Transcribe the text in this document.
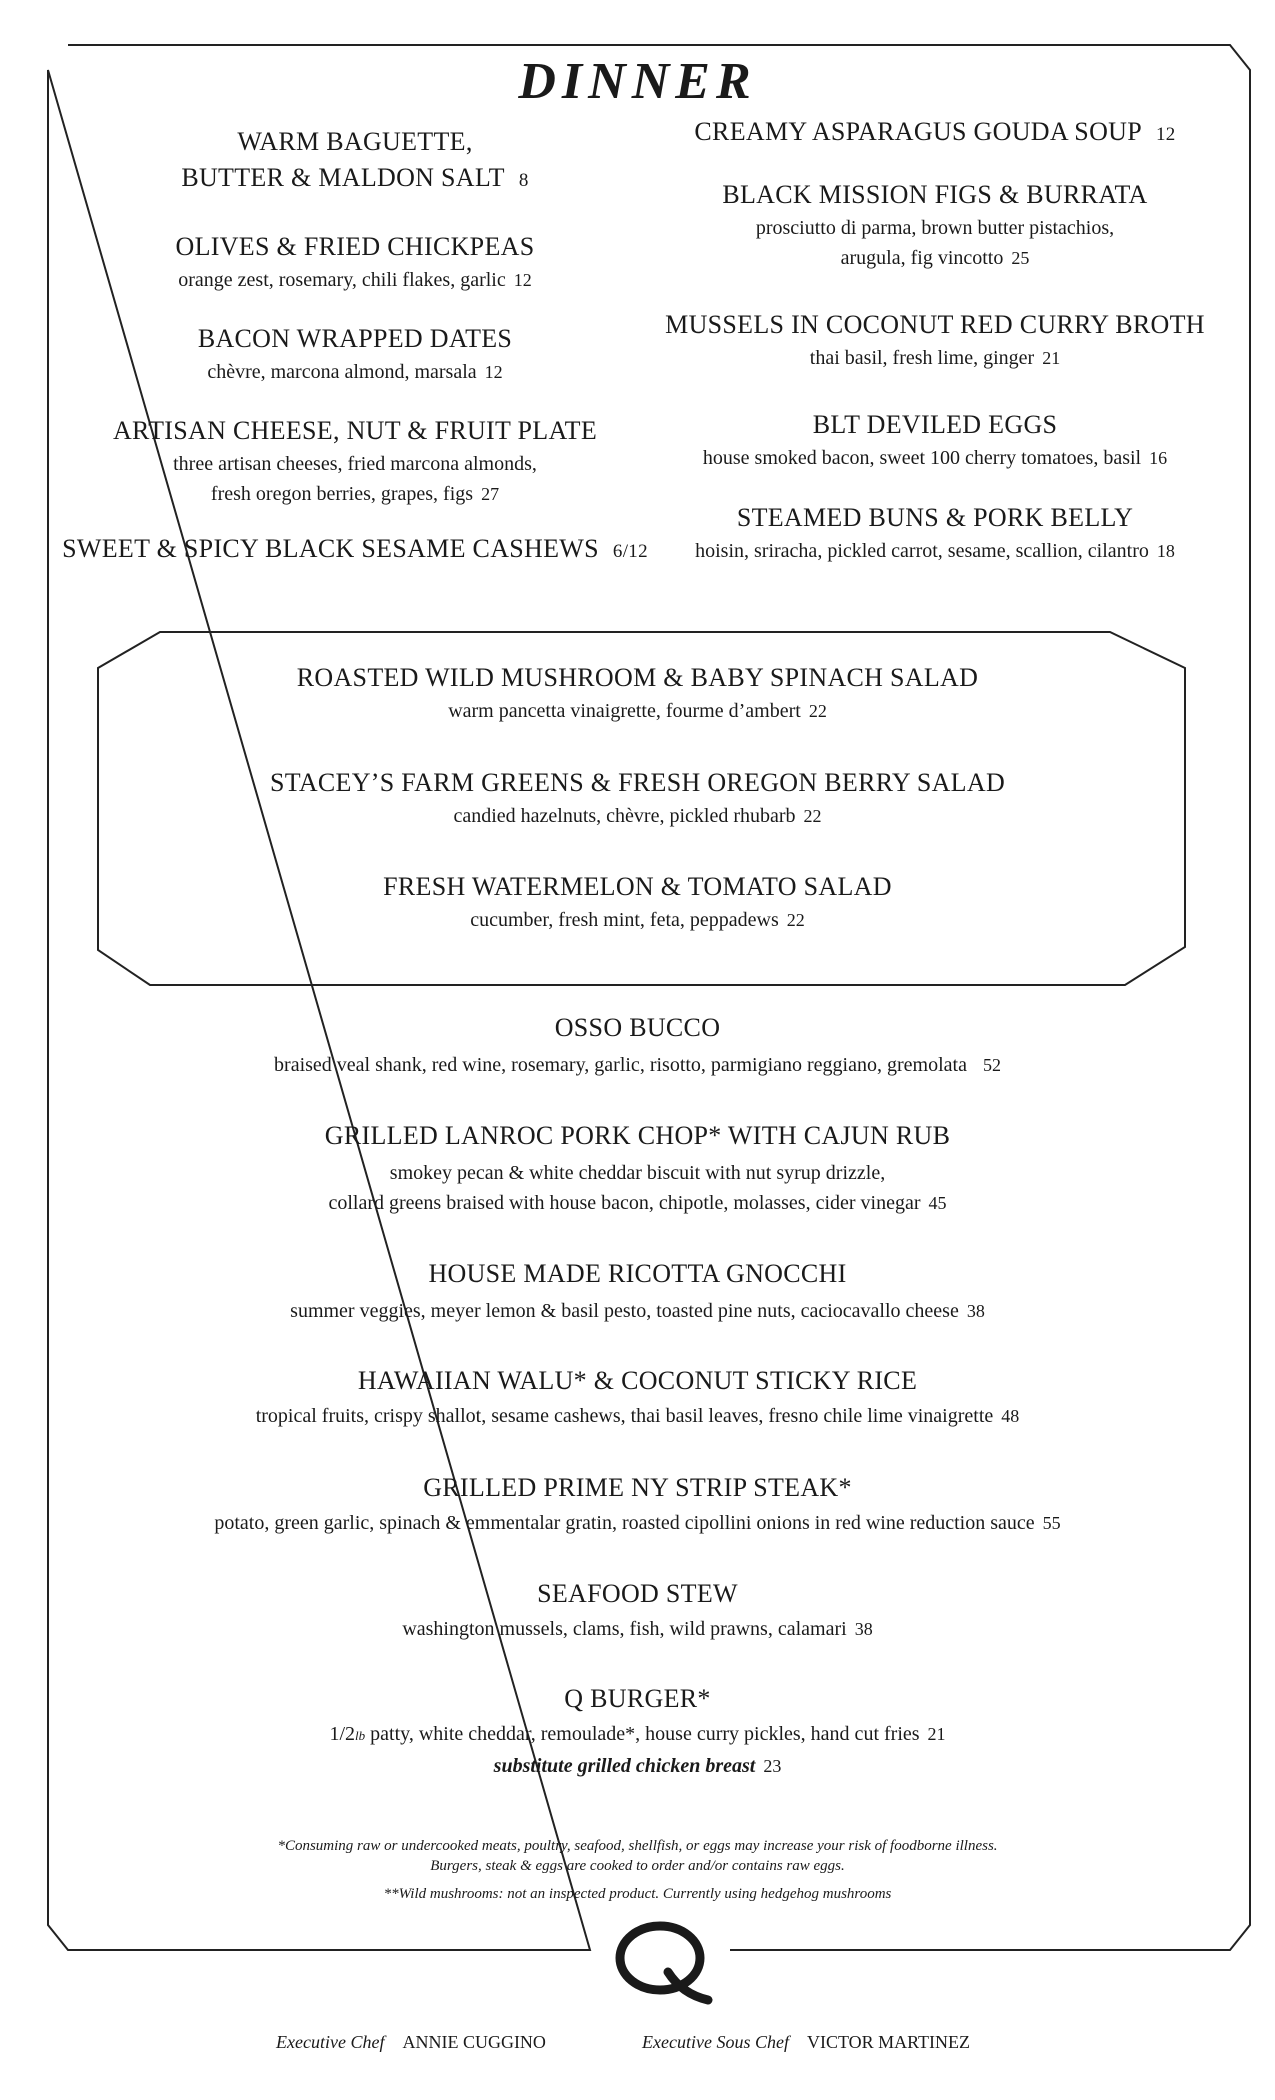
DINNER
WARM BAGUETTE,
BUTTER & MALDON SALT 8
OLIVES & FRIED CHICKPEAS
orange zest, rosemary, chili flakes, garlic 12
BACON WRAPPED DATES
chèvre, marcona almond, marsala 12
ARTISAN CHEESE, NUT & FRUIT PLATE
three artisan cheeses, fried marcona almonds,
fresh oregon berries, grapes, figs 27
SWEET & SPICY BLACK SESAME CASHEWS 6/12
CREAMY ASPARAGUS GOUDA SOUP 12
BLACK MISSION FIGS & BURRATA
prosciutto di parma, brown butter pistachios,
arugula, fig vincotto 25
MUSSELS IN COCONUT RED CURRY BROTH
thai basil, fresh lime, ginger 21
BLT DEVILED EGGS
house smoked bacon, sweet 100 cherry tomatoes, basil 16
STEAMED BUNS & PORK BELLY
hoisin, sriracha, pickled carrot, sesame, scallion, cilantro 18
ROASTED WILD MUSHROOM & BABY SPINACH SALAD
warm pancetta vinaigrette, fourme d’ambert 22
STACEY’S FARM GREENS & FRESH OREGON BERRY SALAD
candied hazelnuts, chèvre, pickled rhubarb 22
FRESH WATERMELON & TOMATO SALAD
cucumber, fresh mint, feta, peppadews 22
OSSO BUCCO
braised veal shank, red wine, rosemary, garlic, risotto, parmigiano reggiano, gremolata 52
GRILLED LANROC PORK CHOP* WITH CAJUN RUB
smokey pecan & white cheddar biscuit with nut syrup drizzle,
collard greens braised with house bacon, chipotle, molasses, cider vinegar 45
HOUSE MADE RICOTTA GNOCCHI
summer veggies, meyer lemon & basil pesto, toasted pine nuts, caciocavallo cheese 38
HAWAIIAN WALU* & COCONUT STICKY RICE
tropical fruits, crispy shallot, sesame cashews, thai basil leaves, fresno chile lime vinaigrette 48
GRILLED PRIME NY STRIP STEAK*
potato, green garlic, spinach & emmentalar gratin, roasted cipollini onions in red wine reduction sauce 55
SEAFOOD STEW
washington mussels, clams, fish, wild prawns, calamari 38
Q BURGER*
1/2lb patty, white cheddar, remoulade*, house curry pickles, hand cut fries 21
substitute grilled chicken breast 23
*Consuming raw or undercooked meats, poultry, seafood, shellfish, or eggs may increase your risk of foodborne illness.
Burgers, steak & eggs are cooked to order and/or contains raw eggs.
**Wild mushrooms: not an inspected product. Currently using hedgehog mushrooms
Executive Chef ANNIE CUGGINO	Executive Sous Chef VICTOR MARTINEZ
